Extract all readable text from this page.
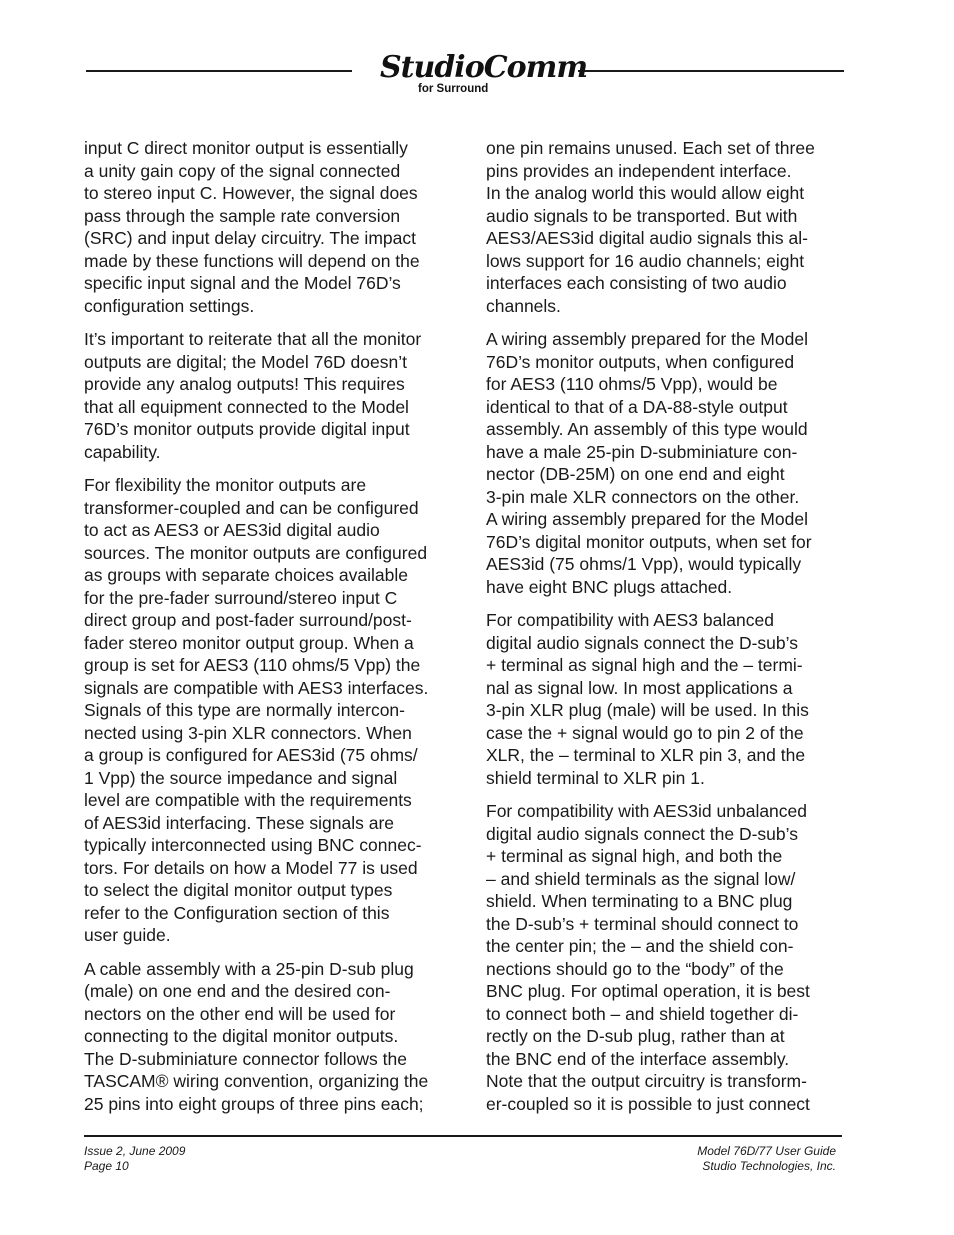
StudioComm
for Surround

input C direct monitor output is essentially
a unity gain copy of the signal connected
to stereo input C. However, the signal does
pass through the sample rate conversion
(SRC) and input delay circuitry. The impact
made by these functions will depend on the
specific input signal and the Model 76D’s
configuration settings.

It’s important to reiterate that all the monitor
outputs are digital; the Model 76D doesn’t
provide any analog outputs! This requires
that all equipment connected to the Model
76D’s monitor outputs provide digital input
capability.

For flexibility the monitor outputs are
transformer-coupled and can be configured
to act as AES3 or AES3id digital audio
sources. The monitor outputs are configured
as groups with separate choices available
for the pre-fader surround/stereo input C
direct group and post-fader surround/post-
fader stereo monitor output group. When a
group is set for AES3 (110 ohms/5 Vpp) the
signals are compatible with AES3 interfaces.
Signals of this type are normally intercon-
nected using 3-pin XLR connectors. When
a group is configured for AES3id (75 ohms/
1 Vpp) the source impedance and signal
level are compatible with the requirements
of AES3id interfacing. These signals are
typically interconnected using BNC connec-
tors. For details on how a Model 77 is used
to select the digital monitor output types
refer to the Configuration section of this
user guide.

A cable assembly with a 25-pin D-sub plug
(male) on one end and the desired con-
nectors on the other end will be used for
connecting to the digital monitor outputs.
The D-subminiature connector follows the
TASCAM® wiring convention, organizing the
25 pins into eight groups of three pins each;

one pin remains unused. Each set of three
pins provides an independent interface.
In the analog world this would allow eight
audio signals to be transported. But with
AES3/AES3id digital audio signals this al-
lows support for 16 audio channels; eight
interfaces each consisting of two audio
channels.

A wiring assembly prepared for the Model
76D’s monitor outputs, when configured
for AES3 (110 ohms/5 Vpp), would be
identical to that of a DA-88-style output
assembly. An assembly of this type would
have a male 25-pin D-subminiature con-
nector (DB-25M) on one end and eight
3-pin male XLR connectors on the other.
A wiring assembly prepared for the Model
76D’s digital monitor outputs, when set for
AES3id (75 ohms/1 Vpp), would typically
have eight BNC plugs attached.

For compatibility with AES3 balanced
digital audio signals connect the D-sub’s
+ terminal as signal high and the – termi-
nal as signal low. In most applications a
3-pin XLR plug (male) will be used. In this
case the + signal would go to pin 2 of the
XLR, the – terminal to XLR pin 3, and the
shield terminal to XLR pin 1.

For compatibility with AES3id unbalanced
digital audio signals connect the D-sub’s
+ terminal as signal high, and both the
– and shield terminals as the signal low/
shield. When terminating to a BNC plug
the D-sub’s + terminal should connect to
the center pin; the – and the shield con-
nections should go to the “body” of the
BNC plug. For optimal operation, it is best
to connect both – and shield together di-
rectly on the D-sub plug, rather than at
the BNC end of the interface assembly.
Note that the output circuitry is transform-
er-coupled so it is possible to just connect

Issue 2, June 2009
Page 10
Model 76D/77 User Guide
Studio Technologies, Inc.
